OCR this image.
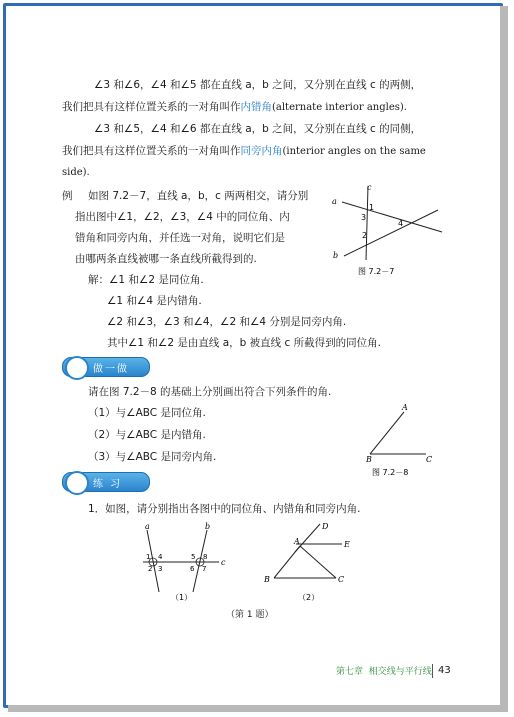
∠3 和∠6，∠4 和∠5 都在直线 a，b 之间，又分别在直线 c 的两侧，
我们把具有这样位置关系的一对角叫作内错角(alternate interior angles).
∠3 和∠5，∠4 和∠6 都在直线 a，b 之间，又分别在直线 c 的同侧，
我们把具有这样位置关系的一对角叫作同旁内角(interior angles on the same
side).
例 如图 7.2－7，直线 a，b，c 两两相交，请分别
指出图中∠1，∠2，∠3，∠4 中的同位角、内
错角和同旁内角，并任选一对角，说明它们是
由哪两条直线被哪一条直线所截得到的.
解：∠1 和∠2 是同位角.
∠1 和∠4 是内错角.
∠2 和∠3，∠3 和∠4，∠2 和∠4 分别是同旁内角.
其中∠1 和∠2 是由直线 a，b 被直线 c 所截得到的同位角.
c
a
b
1
3
2
4
图 7.2－7
做一做
请在图 7.2－8 的基础上分别画出符合下列条件的角.
（1）与∠ABC 是同位角.
（2）与∠ABC 是内错角.
（3）与∠ABC 是同旁内角.
A
B	C
图 7.2－8
练 习
1．如图，请分别指出各图中的同位角、内错角和同旁内角.
a	b
c
1 4
2 3
5 8
6 7
（1）
A
B	C
D
E
（2）
（第 1 题）
第七章 相交线与平行线 43
